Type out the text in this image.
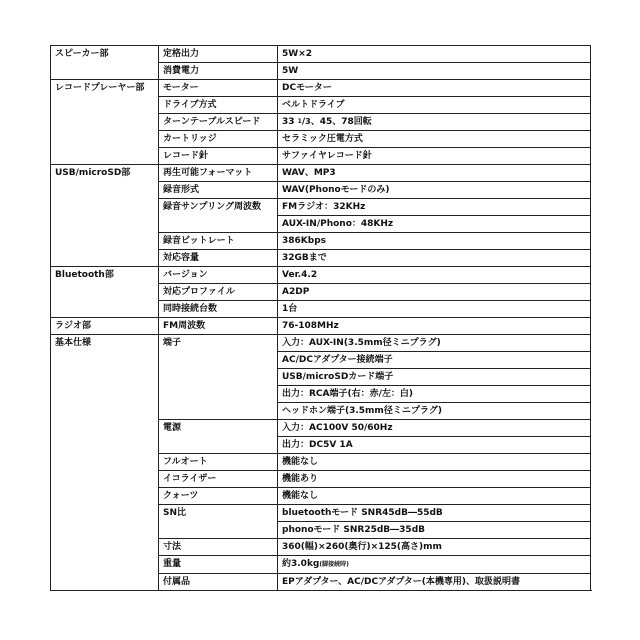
スピーカー部	定格出力	5W×2
	消費電力	5W
レコードプレーヤー部	モーター	DCモーター
	ドライブ方式	ベルトドライブ
	ターンテーブルスピード	33 $^1$/3、45、78回転
	カートリッジ	セラミック圧電方式
	レコード針	サファイヤレコード針
USB/microSD部	再生可能フォーマット	WAV、MP3
	録音形式	WAV(Phonoモードのみ)
	録音サンプリング周波数	FMラジオ：32KHz
		AUX-IN/Phono：48KHz
	録音ビットレート	386Kbps
	対応容量	32GBまで
Bluetooth部	バージョン	Ver.4.2
	対応プロファイル	A2DP
	同時接続台数	1台
ラジオ部	FM周波数	76-108MHz
基本仕様	端子	入力：AUX-IN(3.5mm径ミニプラグ)
		AC/DCアダプター接続端子
		USB/microSDカード端子
		出力：RCA端子(右：赤/左：白)
		ヘッドホン端子(3.5mm径ミニプラグ)
	電源	入力：AC100V 50/60Hz
		出力：DC5V 1A
	フルオート	機能なし
	イコライザー	機能あり
	クォーツ	機能なし
	SN比	bluetoothモード SNR45dB―55dB
		phonoモード SNR25dB―35dB
	寸法	360(幅)×260(奥行)×125(高さ)mm
	重量	約3.0kg(脚接続時)
	付属品	EPアダプター、AC/DCアダプター(本機専用)、取扱説明書
